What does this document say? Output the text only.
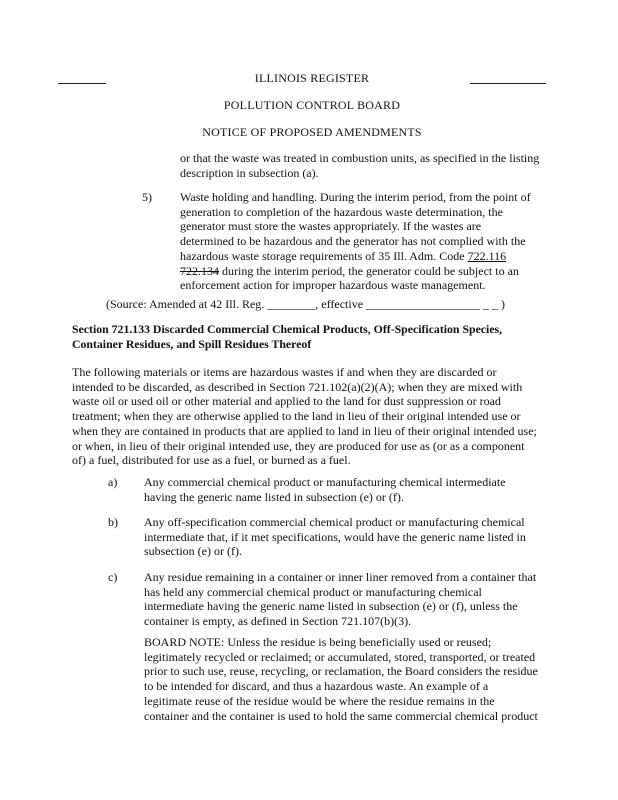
ILLINOIS REGISTER
POLLUTION CONTROL BOARD
NOTICE OF PROPOSED AMENDMENTS
or that the waste was treated in combustion units, as specified in the listing
description in subsection (a).
5) Waste holding and handling. During the interim period, from the point of
generation to completion of the hazardous waste determination, the
generator must store the wastes appropriately. If the wastes are
determined to be hazardous and the generator has not complied with the
hazardous waste storage requirements of 35 Ill. Adm. Code 722.116
722.134 during the interim period, the generator could be subject to an
enforcement action for improper hazardous waste management.
(Source: Amended at 42 Ill. Reg. ________, effective ___________________ _ _ )
Section 721.133 Discarded Commercial Chemical Products, Off-Specification Species,
Container Residues, and Spill Residues Thereof
The following materials or items are hazardous wastes if and when they are discarded or
intended to be discarded, as described in Section 721.102(a)(2)(A); when they are mixed with
waste oil or used oil or other material and applied to the land for dust suppression or road
treatment; when they are otherwise applied to the land in lieu of their original intended use or
when they are contained in products that are applied to land in lieu of their original intended use;
or when, in lieu of their original intended use, they are produced for use as (or as a component
of) a fuel, distributed for use as a fuel, or burned as a fuel.
a) Any commercial chemical product or manufacturing chemical intermediate
having the generic name listed in subsection (e) or (f).
b) Any off-specification commercial chemical product or manufacturing chemical
intermediate that, if it met specifications, would have the generic name listed in
subsection (e) or (f).
c) Any residue remaining in a container or inner liner removed from a container that
has held any commercial chemical product or manufacturing chemical
intermediate having the generic name listed in subsection (e) or (f), unless the
container is empty, as defined in Section 721.107(b)(3).
BOARD NOTE: Unless the residue is being beneficially used or reused;
legitimately recycled or reclaimed; or accumulated, stored, transported, or treated
prior to such use, reuse, recycling, or reclamation, the Board considers the residue
to be intended for discard, and thus a hazardous waste. An example of a
legitimate reuse of the residue would be where the residue remains in the
container and the container is used to hold the same commercial chemical product
